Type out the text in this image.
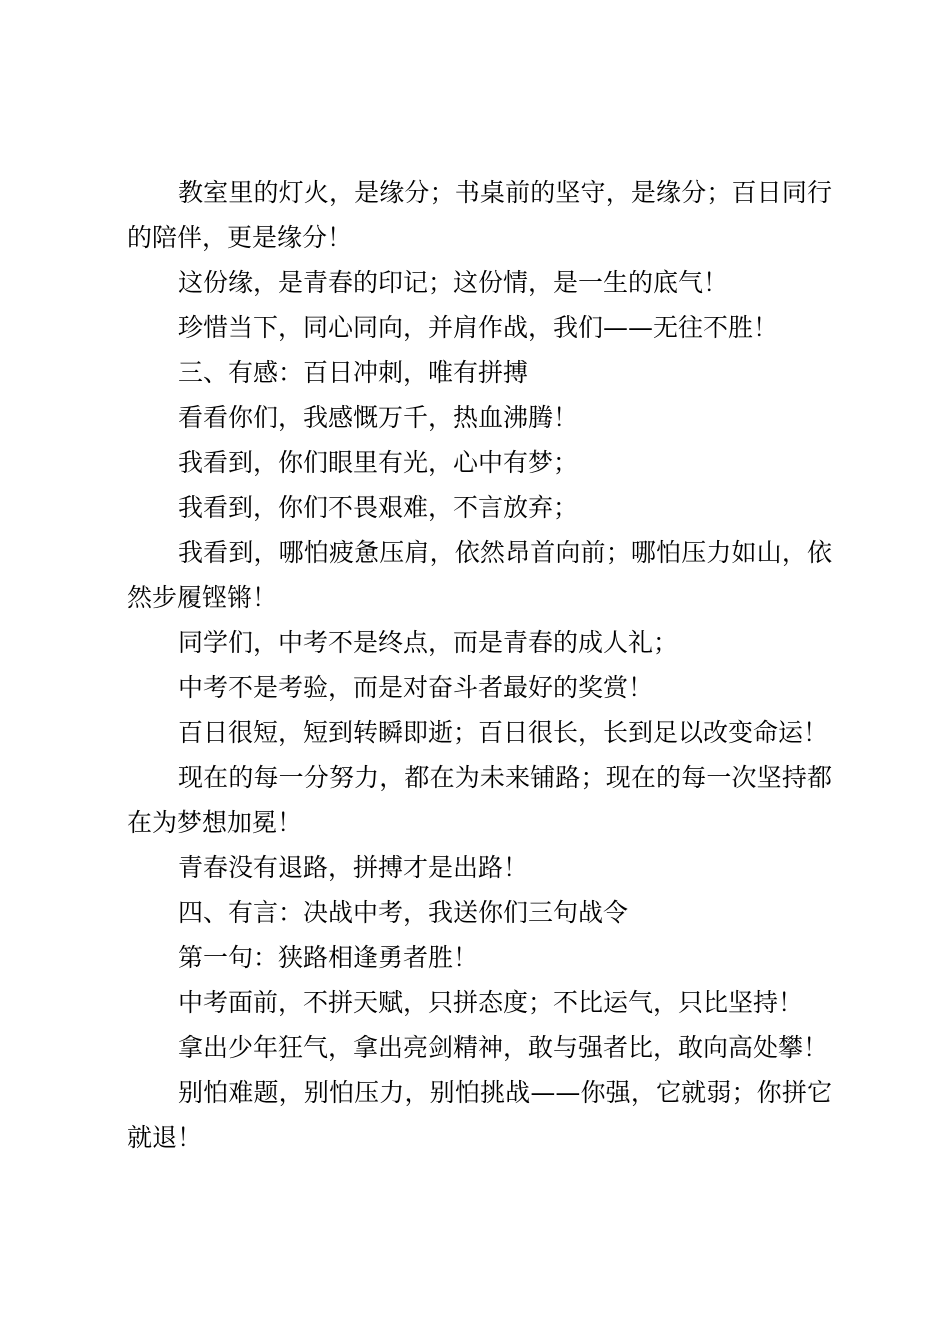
教室里的灯火，是缘分；书桌前的坚守，是缘分；百日同行的陪伴，更是缘分！

这份缘，是青春的印记；这份情，是一生的底气！

珍惜当下，同心同向，并肩作战，我们——无往不胜！

三、有感：百日冲刺，唯有拼搏

看看你们，我感慨万千，热血沸腾！

我看到，你们眼里有光，心中有梦；

我看到，你们不畏艰难，不言放弃；

我看到，哪怕疲惫压肩，依然昂首向前；哪怕压力如山，依然步履铿锵！

同学们，中考不是终点，而是青春的成人礼；

中考不是考验，而是对奋斗者最好的奖赏！

百日很短，短到转瞬即逝；百日很长，长到足以改变命运！

现在的每一分努力，都在为未来铺路；现在的每一次坚持都在为梦想加冕！

青春没有退路，拼搏才是出路！

四、有言：决战中考，我送你们三句战令

第一句：狭路相逢勇者胜！

中考面前，不拼天赋，只拼态度；不比运气，只比坚持！

拿出少年狂气，拿出亮剑精神，敢与强者比，敢向高处攀！

别怕难题，别怕压力，别怕挑战——你强，它就弱；你拼它就退！
